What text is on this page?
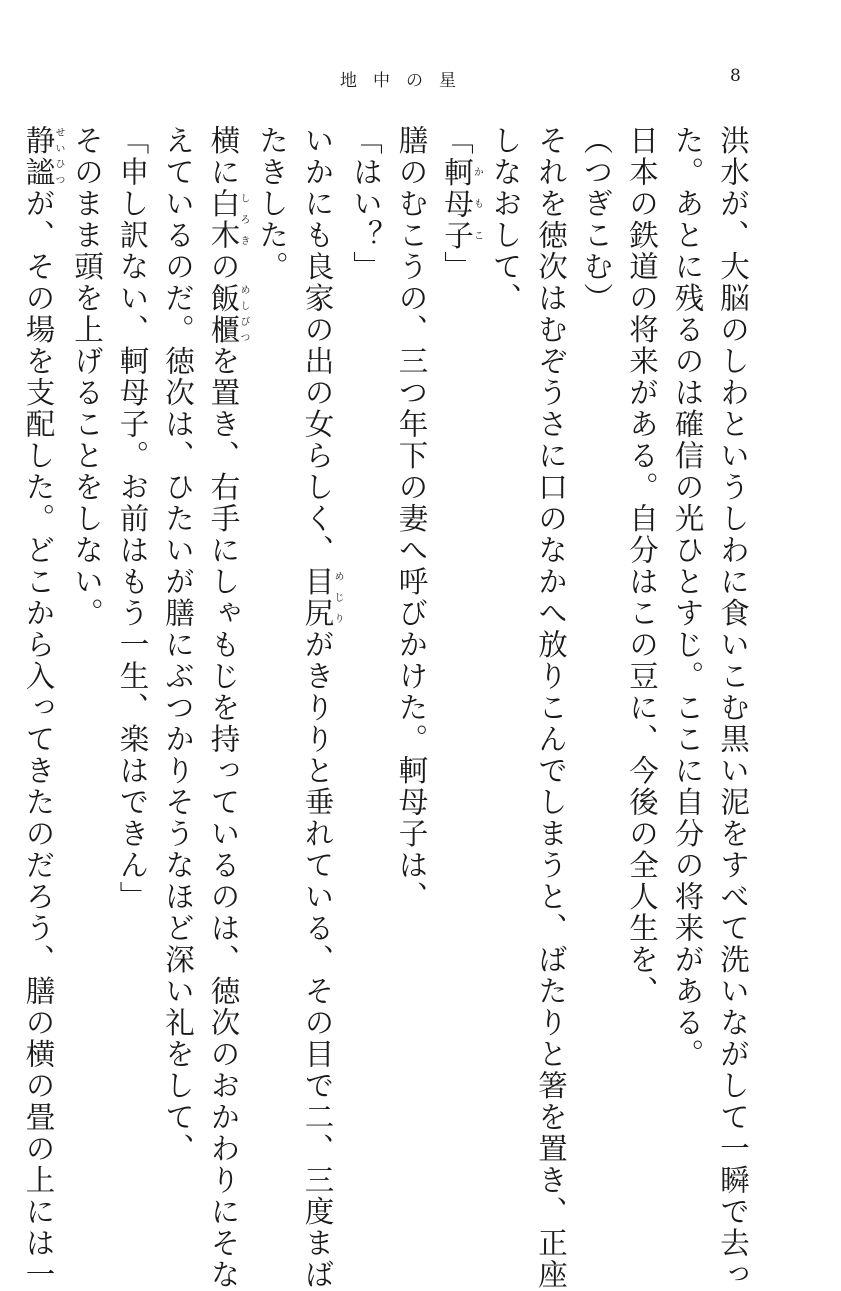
地中の星	8

洪水が、大脳のしわというしわに食いこむ黒い泥をすべて洗いながして一瞬で去っ

た。あとに残るのは確信の光ひとすじ。ここに自分の将来がある。

日本の鉄道の将来がある。自分はこの豆に、今後の全人生を、

（つぎこむ）

それを徳次はむぞうさに口のなかへ放りこんでしまうと、ばたりと箸を置き、正座

しなおして、

「軻母子かもこ」

膳のむこうの、三つ年下の妻へ呼びかけた。軻母子は、

「はい？」

いかにも良家の出の女らしく、目尻めじりがきりりと垂れている、その目で二、三度まば

たきした。

横に白木しろきの飯櫃めしびつを置き、右手にしゃもじを持っているのは、徳次のおかわりにそな

えているのだ。徳次は、ひたいが膳にぶつかりそうなほど深い礼をして、

「申し訳ない、軻母子。お前はもう一生、楽はできん」

そのまま頭を上げることをしない。

静謐せいひつが、その場を支配した。どこから入ってきたのだろう、膳の横の畳の上には一
